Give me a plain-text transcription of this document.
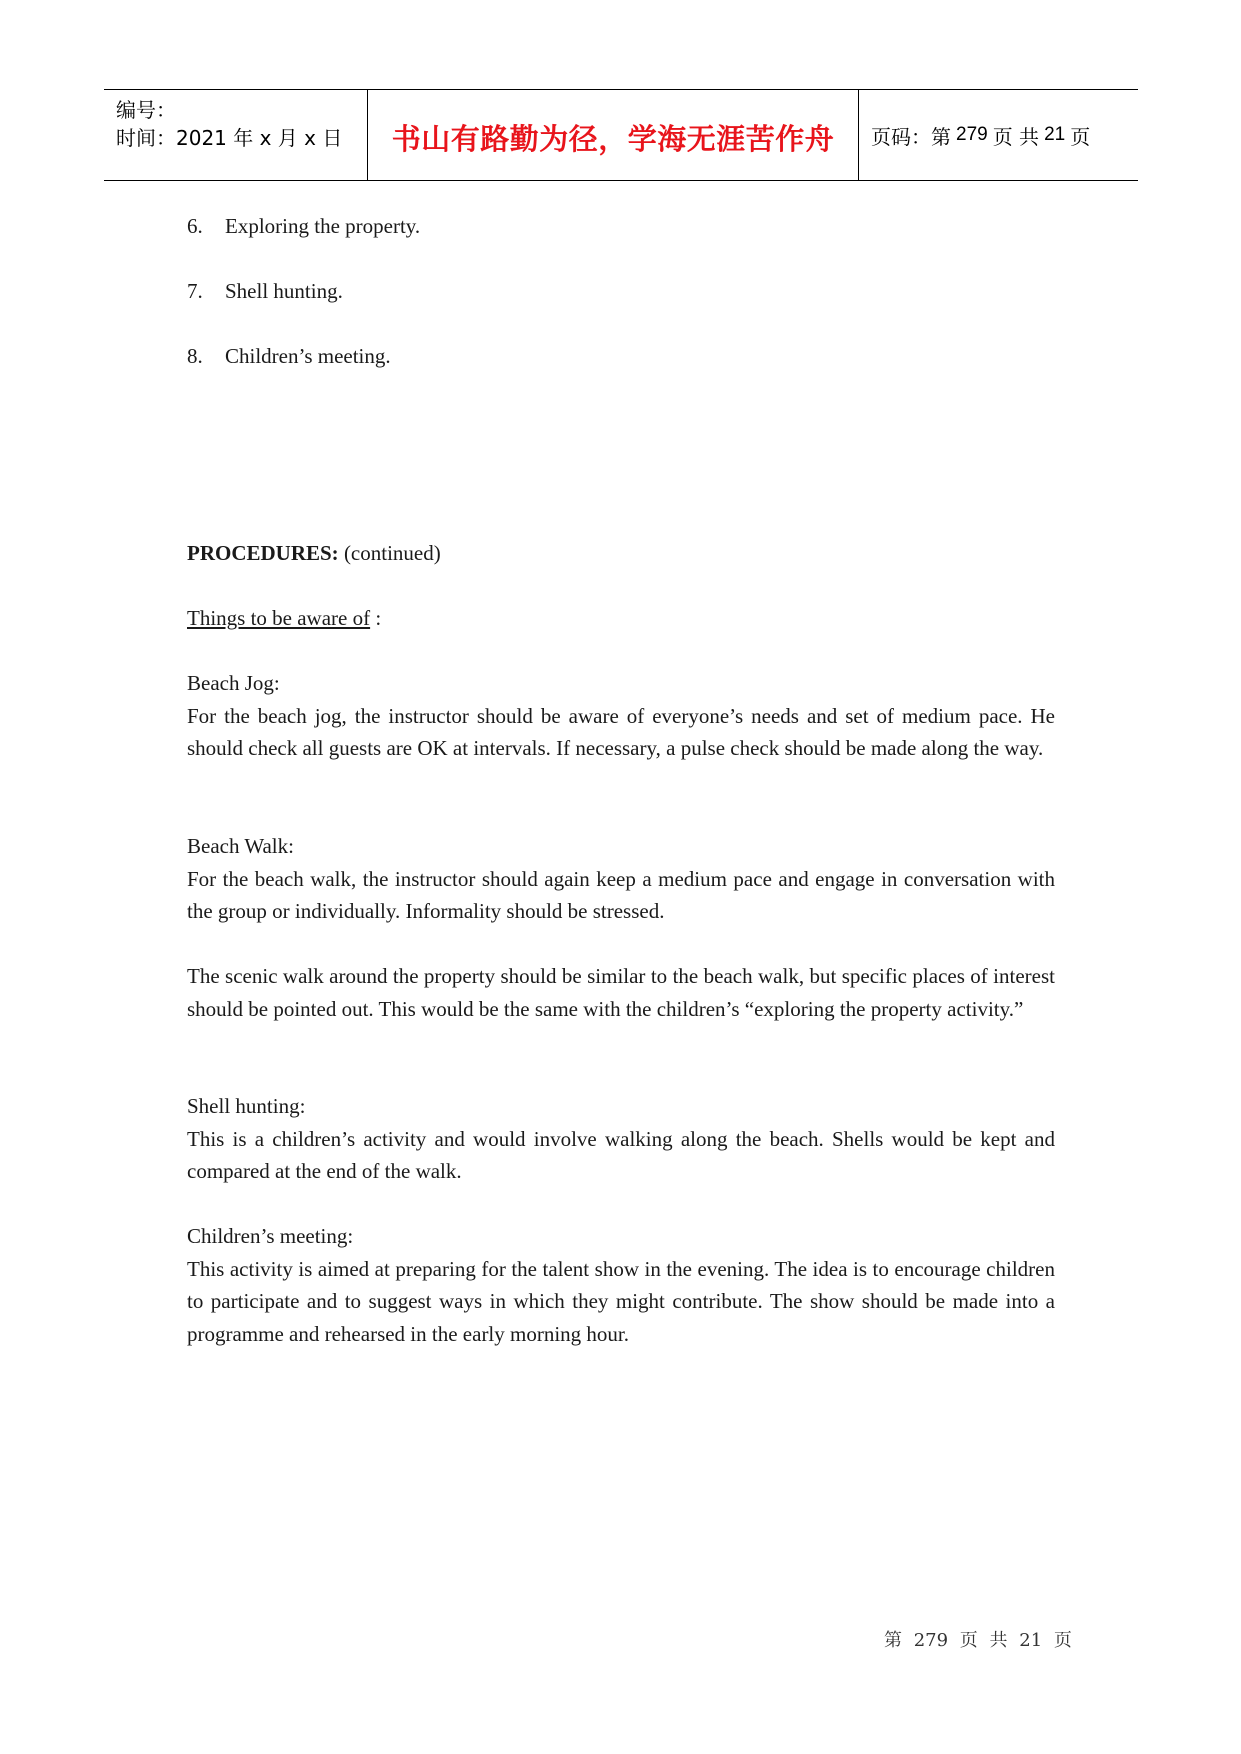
编号：
时间：2021 年 x 月 x 日 书山有路勤为径，学海无涯苦作舟 页码：第 279 页 共 21 页
6. Exploring the property.
7. Shell hunting.
8. Children’s meeting.
PROCEDURES: (continued)
Things to be aware of :
Beach Jog:
For the beach jog, the instructor should be aware of everyone’s needs and set of medium pace. He should check all guests are OK at intervals. If necessary, a pulse check should be made along the way.
Beach Walk:
For the beach walk, the instructor should again keep a medium pace and engage in conversation with the group or individually. Informality should be stressed.
The scenic walk around the property should be similar to the beach walk, but specific places of interest should be pointed out. This would be the same with the children’s “exploring the property activity.”
Shell hunting:
This is a children’s activity and would involve walking along the beach. Shells would be kept and compared at the end of the walk.
Children’s meeting:
This activity is aimed at preparing for the talent show in the evening. The idea is to encourage children to participate and to suggest ways in which they might contribute. The show should be made into a programme and rehearsed in the early morning hour.
第 279 页 共 21 页
